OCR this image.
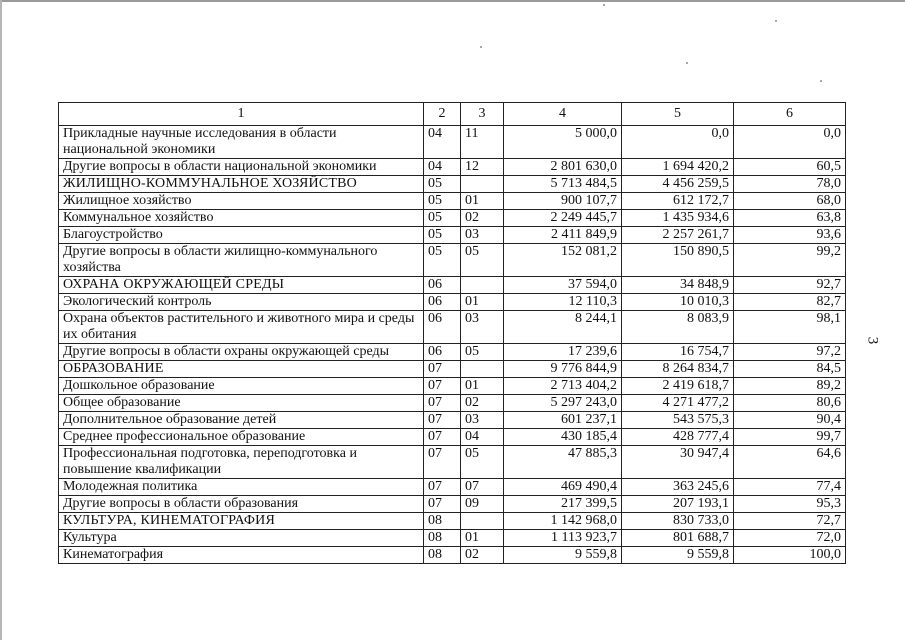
3
1	2	3	4	5	6
Прикладные научные исследования в области национальной экономики	04	11	5 000,0	0,0	0,0
Другие вопросы в области национальной экономики	04	12	2 801 630,0	1 694 420,2	60,5
ЖИЛИЩНО-КОММУНАЛЬНОЕ ХОЗЯЙСТВО	05		5 713 484,5	4 456 259,5	78,0
Жилищное хозяйство	05	01	900 107,7	612 172,7	68,0
Коммунальное хозяйство	05	02	2 249 445,7	1 435 934,6	63,8
Благоустройство	05	03	2 411 849,9	2 257 261,7	93,6
Другие вопросы в области жилищно-коммунального хозяйства	05	05	152 081,2	150 890,5	99,2
ОХРАНА ОКРУЖАЮЩЕЙ СРЕДЫ	06		37 594,0	34 848,9	92,7
Экологический контроль	06	01	12 110,3	10 010,3	82,7
Охрана объектов растительного и животного мира и среды их обитания	06	03	8 244,1	8 083,9	98,1
Другие вопросы в области охраны окружающей среды	06	05	17 239,6	16 754,7	97,2
ОБРАЗОВАНИЕ	07		9 776 844,9	8 264 834,7	84,5
Дошкольное образование	07	01	2 713 404,2	2 419 618,7	89,2
Общее образование	07	02	5 297 243,0	4 271 477,2	80,6
Дополнительное образование детей	07	03	601 237,1	543 575,3	90,4
Среднее профессиональное образование	07	04	430 185,4	428 777,4	99,7
Профессиональная подготовка, переподготовка и повышение квалификации	07	05	47 885,3	30 947,4	64,6
Молодежная политика	07	07	469 490,4	363 245,6	77,4
Другие вопросы в области образования	07	09	217 399,5	207 193,1	95,3
КУЛЬТУРА, КИНЕМАТОГРАФИЯ	08		1 142 968,0	830 733,0	72,7
Культура	08	01	1 113 923,7	801 688,7	72,0
Кинематография	08	02	9 559,8	9 559,8	100,0
